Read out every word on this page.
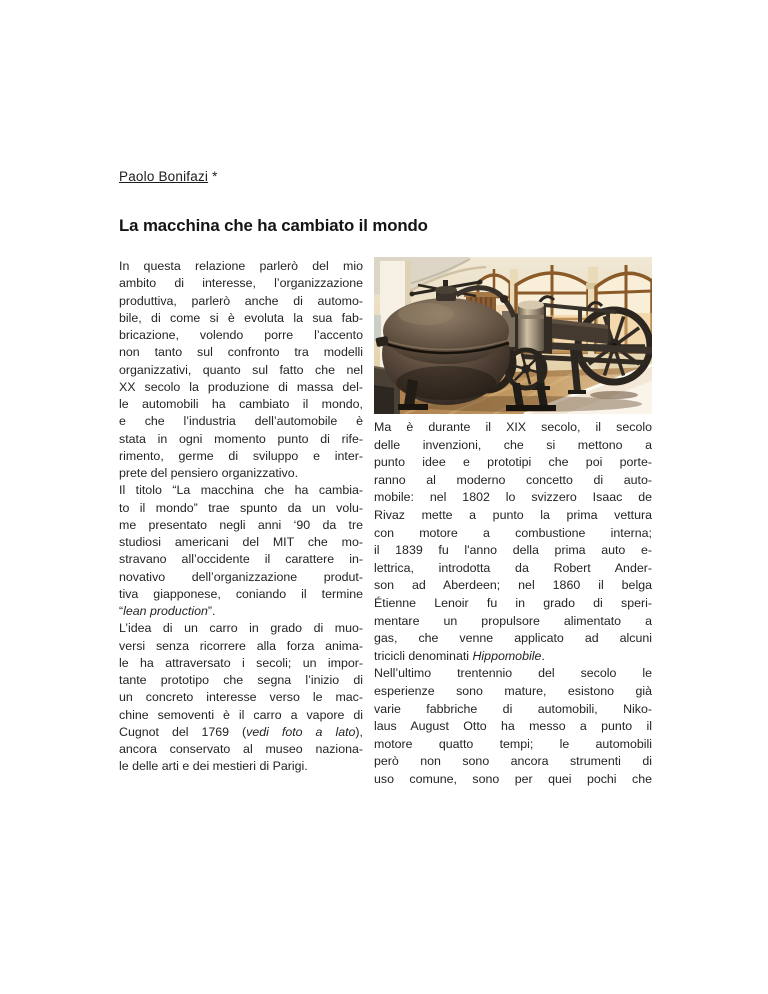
Paolo Bonifazi *
La macchina che ha cambiato il mondo
In questa relazione parlerò del mio
ambito di interesse, l’organizzazione
produttiva, parlerò anche di automo-
bile, di come si è evoluta la sua fab-
bricazione, volendo porre l’accento
non tanto sul confronto tra modelli
organizzativi, quanto sul fatto che nel
XX secolo la produzione di massa del-
le automobili ha cambiato il mondo,
e che l’industria dell’automobile è
stata in ogni momento punto di rife-
rimento, germe di sviluppo e inter-
prete del pensiero organizzativo.
Il titolo “La macchina che ha cambia-
to il mondo” trae spunto da un volu-
me presentato negli anni ‘90 da tre
studiosi americani del MIT che mo-
stravano all’occidente il carattere in-
novativo dell’organizzazione produt-
tiva giapponese, coniando il termine
“lean production”.
L’idea di un carro in grado di muo-
versi senza ricorrere alla forza anima-
le ha attraversato i secoli; un impor-
tante prototipo che segna l’inizio di
un concreto interesse verso le mac-
chine semoventi è il carro a vapore di
Cugnot del 1769 (vedi foto a lato),
ancora conservato al museo naziona-
le delle arti e dei mestieri di Parigi.
Ma è durante il XIX secolo, il secolo
delle invenzioni, che si mettono a
punto idee e prototipi che poi porte-
ranno al moderno concetto di auto-
mobile: nel 1802 lo svizzero Isaac de
Rivaz mette a punto la prima vettura
con motore a combustione interna;
il 1839 fu l'anno della prima auto e-
lettrica, introdotta da Robert Ander-
son ad Aberdeen; nel 1860 il belga
Étienne Lenoir fu in grado di speri-
mentare un propulsore alimentato a
gas, che venne applicato ad alcuni
tricicli denominati Hippomobile.
Nell’ultimo trentennio del secolo le
esperienze sono mature, esistono già
varie fabbriche di automobili, Niko-
laus August Otto ha messo a punto il
motore quatto tempi; le automobili
però non sono ancora strumenti di
uso comune, sono per quei pochi che
